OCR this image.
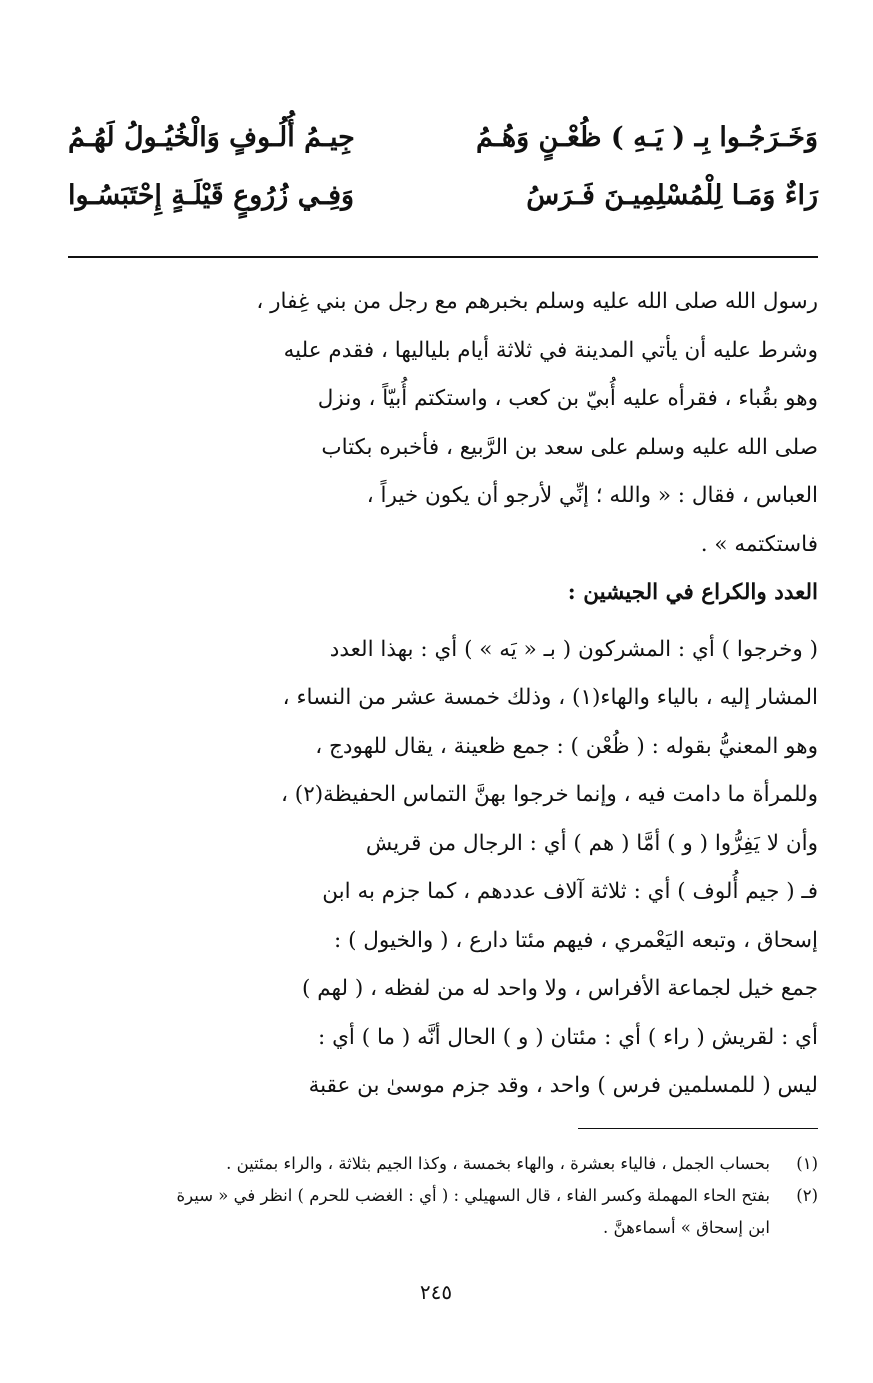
وَخَـرَجُـوا بِـ ( يَـهِ ) ظُعْـنٍ وَهُـمُ
جِيـمُ أُلُـوفٍ وَالْخُيُـولُ لَهُـمُ
رَاءٌ وَمَـا لِلْمُسْلِمِيـنَ فَـرَسُ
وَفِـي زُرُوعٍ قَيْلَـةٍ إِحْتَبَسُـوا
رسول الله صلى الله عليه وسلم بخبرهم مع رجل من بني غِفار ،
وشرط عليه أن يأتي المدينة في ثلاثة أيام بلياليها ، فقدم عليه
وهو بقُباء ، فقرأه عليه أُبيّ بن كعب ، واستكتم أُبيّاً ، ونزل
صلى الله عليه وسلم على سعد بن الرَّبيع ، فأخبره بكتاب
العباس ، فقال : « والله ؛ إنِّي لأرجو أن يكون خيراً ،
فاستكتمه » .
العدد والكراع في الجيشين :
( وخرجوا ) أي : المشركون ( بـ « يَه » ) أي : بهذا العدد
المشار إليه ، بالياء والهاء(١) ، وذلك خمسة عشر من النساء ،
وهو المعنيُّ بقوله : ( ظُعْن ) : جمع ظعينة ، يقال للهودج ،
وللمرأة ما دامت فيه ، وإنما خرجوا بهنَّ التماس الحفيظة(٢) ،
وأن لا يَفِرُّوا ( و ) أمَّا ( هم ) أي : الرجال من قريش
فـ ( جيم أُلوف ) أي : ثلاثة آلاف عددهم ، كما جزم به ابن
إسحاق ، وتبعه اليَعْمري ، فيهم مئتا دارع ، ( والخيول ) :
جمع خيل لجماعة الأفراس ، ولا واحد له من لفظه ، ( لهم )
أي : لقريش ( راء ) أي : مئتان ( و ) الحال أنَّه ( ما ) أي :
ليس ( للمسلمين فرس ) واحد ، وقد جزم موسىٰ بن عقبة
(١)بحساب الجمل ، فالياء بعشرة ، والهاء بخمسة ، وكذا الجيم بثلاثة ، والراء بمئتين .
(٢)بفتح الحاء المهملة وكسر الفاء ، قال السهيلي : ( أي : الغضب للحرم ) انظر في « سيرة
ابن إسحاق » أسماءهنَّ .
٢٤٥
